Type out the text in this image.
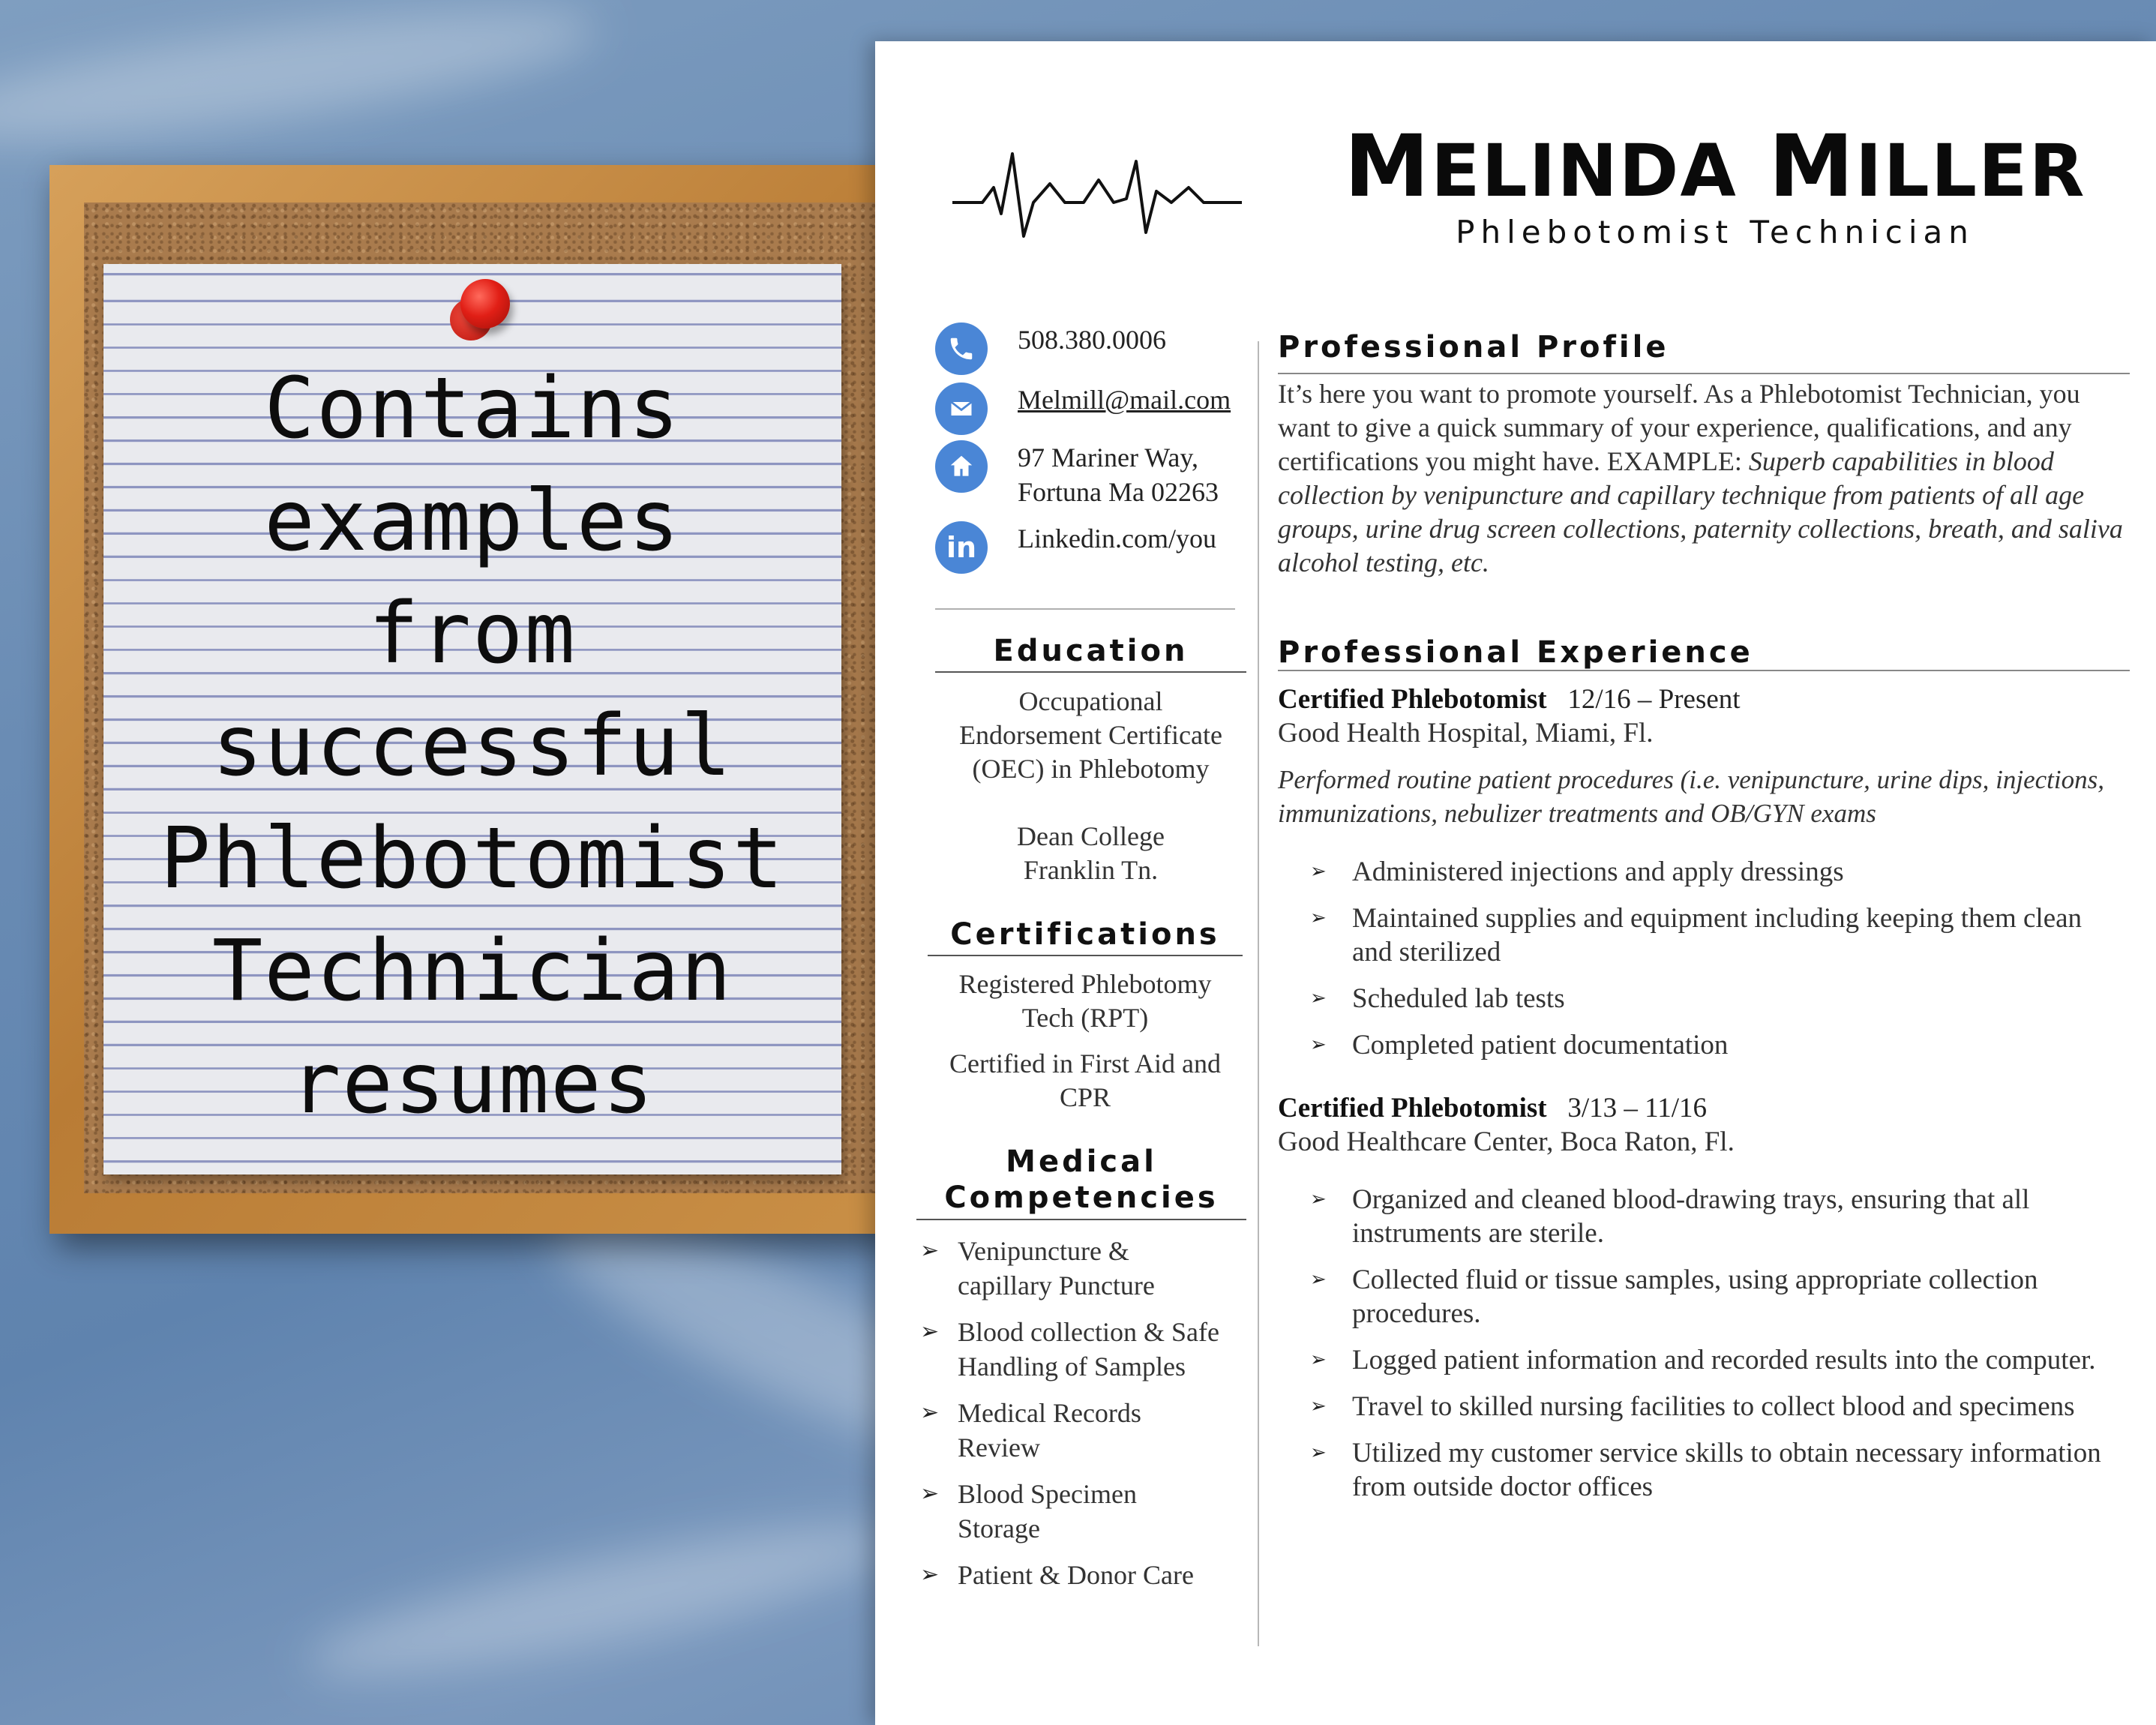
Contains
examples
from
successful
Phlebotomist
Technician
resumes
MELINDA MILLER
Phlebotomist Technician
508.380.0006
Melmill@mail.com
97 Mariner Way,
Fortuna Ma 02263
in	Linkedin.com/you
Education
Occupational
Endorsement Certificate
(OEC) in Phlebotomy
Dean College
Franklin Tn.
Certifications
Registered Phlebotomy
Tech (RPT)
Certified in First Aid and
CPR
Medical
Competencies
➢ Venipuncture &
capillary Puncture
➢ Blood collection & Safe
Handling of Samples
➢ Medical Records
Review
➢ Blood Specimen
Storage
➢ Patient & Donor Care
Professional Profile
It’s here you want to promote yourself. As a Phlebotomist Technician, you want to give a quick summary of your experience, qualifications, and any certifications you might have. EXAMPLE: Superb capabilities in blood collection by venipuncture and capillary technique from patients of all age groups, urine drug screen collections, paternity collections, breath, and saliva alcohol testing, etc.
Professional Experience
Certified Phlebotomist 12/16 – Present
Good Health Hospital, Miami, Fl.
Performed routine patient procedures (i.e. venipuncture, urine dips, injections, immunizations, nebulizer treatments and OB/GYN exams
➢ Administered injections and apply dressings
➢ Maintained supplies and equipment including keeping them clean and sterilized
➢ Scheduled lab tests
➢ Completed patient documentation
Certified Phlebotomist 3/13 – 11/16
Good Healthcare Center, Boca Raton, Fl.
➢ Organized and cleaned blood-drawing trays, ensuring that all instruments are sterile.
➢ Collected fluid or tissue samples, using appropriate collection procedures.
➢ Logged patient information and recorded results into the computer.
➢ Travel to skilled nursing facilities to collect blood and specimens
➢ Utilized my customer service skills to obtain necessary information from outside doctor offices
